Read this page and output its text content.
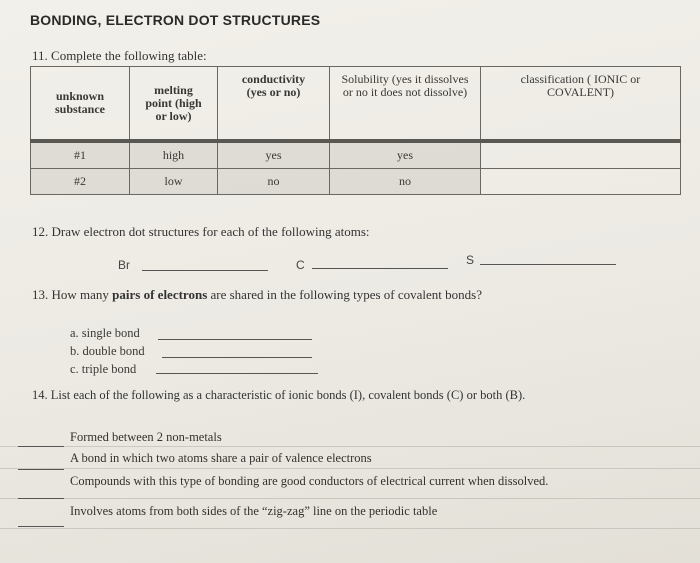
BONDING, ELECTRON DOT STRUCTURES
11. Complete the following table:
unknown substance	melting point (high or low)	conductivity (yes or no)	Solubility (yes it dissolves or no it does not dissolve)	classification ( IONIC or COVALENT)
#1	high	yes	yes	
#2	low	no	no	
12. Draw electron dot structures for each of the following atoms:
Br	C	S
13. How many pairs of electrons are shared in the following types of covalent bonds?
a. single bond
b. double bond
c. triple bond
14. List each of the following as a characteristic of ionic bonds (I), covalent bonds (C) or both (B).
Formed between 2 non-metals
A bond in which two atoms share a pair of valence electrons
Compounds with this type of bonding are good conductors of electrical current when dissolved.
Involves atoms from both sides of the “zig-zag” line on the periodic table
